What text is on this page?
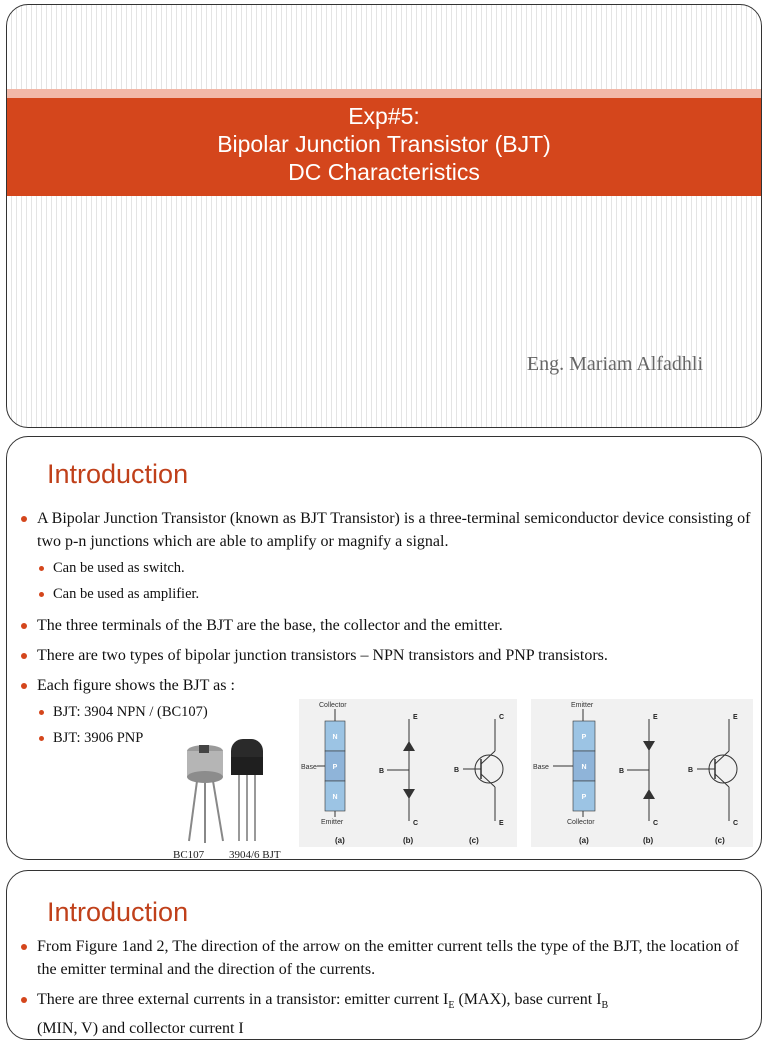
Exp#5:
Bipolar Junction Transistor (BJT)
DC Characteristics
Eng. Mariam Alfadhli
Introduction
A Bipolar Junction Transistor (known as BJT Transistor) is a three-terminal semiconductor device consisting of two p-n junctions which are able to amplify or magnify a signal.
Can be used as switch.
Can be used as amplifier.
The three terminals of the BJT are the base, the collector and the emitter.
There are two types of bipolar junction transistors – NPN transistors and PNP transistors.
Each figure shows the BJT as :
BJT: 3904 NPN / (BC107)
BJT: 3906 PNP
BC107 3904/6 BJT
Collector
Emitter
Base
N
P
N
E
B
C
C
B
E
(a)	(b)	(c)
Emitter
Collector
Base
P
N
P
E
B
C
E
B
C
(a)	(b)	(c)
Introduction
From Figure 1and 2, The direction of the arrow on the emitter current tells the type of the BJT, the location of the emitter terminal and the direction of the currents.
There are three external currents in a transistor: emitter current $I_E$ (MAX), base current $I_B$
(MIN, V) and collector current I
